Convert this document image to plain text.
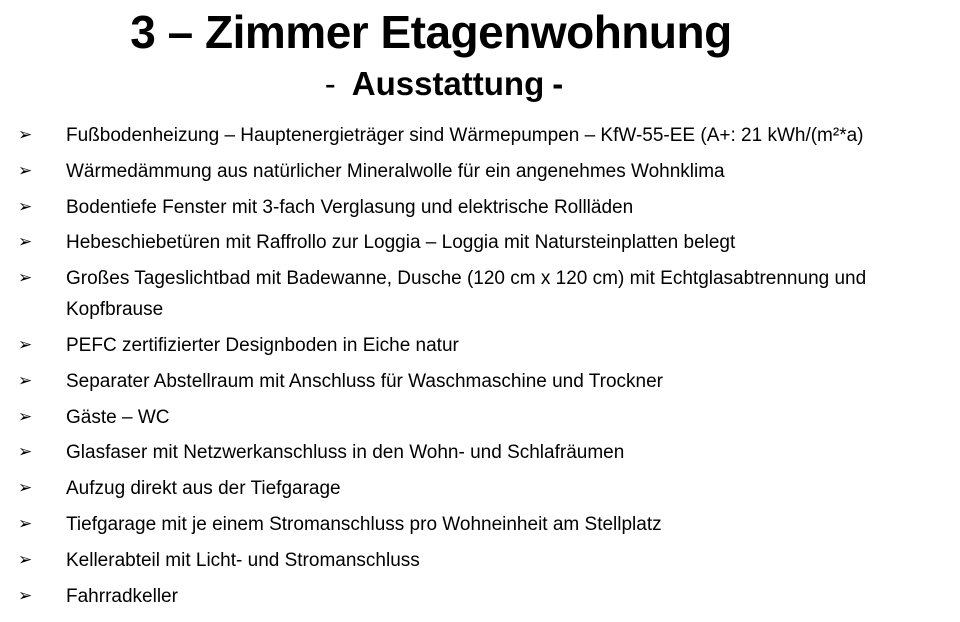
3 – Zimmer Etagenwohnung
- Ausstattung -
➢ Fußbodenheizung – Hauptenergieträger sind Wärmepumpen – KfW-55-EE (A+: 21 kWh/(m²*a)
➢ Wärmedämmung aus natürlicher Mineralwolle für ein angenehmes Wohnklima
➢ Bodentiefe Fenster mit 3-fach Verglasung und elektrische Rollläden
➢ Hebeschiebetüren mit Raffrollo zur Loggia – Loggia mit Natursteinplatten belegt
➢ Großes Tageslichtbad mit Badewanne, Dusche (120 cm x 120 cm) mit Echtglasabtrennung und Kopfbrause
➢ PEFC zertifizierter Designboden in Eiche natur
➢ Separater Abstellraum mit Anschluss für Waschmaschine und Trockner
➢ Gäste – WC
➢ Glasfaser mit Netzwerkanschluss in den Wohn- und Schlafräumen
➢ Aufzug direkt aus der Tiefgarage
➢ Tiefgarage mit je einem Stromanschluss pro Wohneinheit am Stellplatz
➢ Kellerabteil mit Licht- und Stromanschluss
➢ Fahrradkeller
